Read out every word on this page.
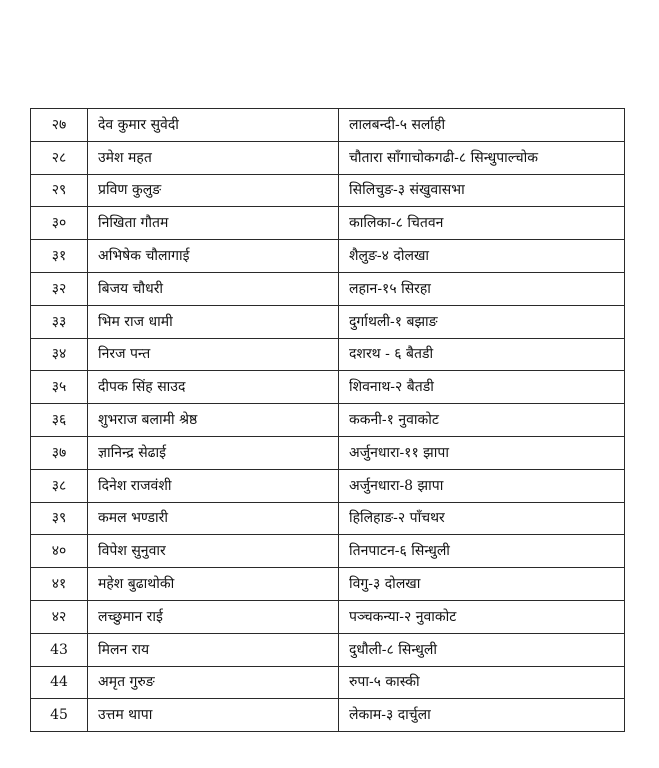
२७	देव कुमार सुवेदी	लालबन्दी-५ सर्लाही
२८	उमेश महत	चौतारा साँगाचोकगढी-८ सिन्धुपाल्चोक
२९	प्रविण कुलुङ	सिलिचुङ-३ संखुवासभा
३०	निखिता गौतम	कालिका-८ चितवन
३१	अभिषेक चौलागाई	शैलुङ-४ दोलखा
३२	बिजय चौधरी	लहान-१५ सिरहा
३३	भिम राज धामी	दुर्गाथली-१ बझाङ
३४	निरज पन्त	दशरथ - ६ बैतडी
३५	दीपक सिंह साउद	शिवनाथ-२ बैतडी
३६	शुभराज बलामी श्रेष्ठ	ककनी-१ नुवाकोट
३७	ज्ञानिन्द्र सेढाई	अर्जुनधारा-११ झापा
३८	दिनेश राजवंशी	अर्जुनधारा-8 झापा
३९	कमल भण्डारी	हिलिहाङ-२ पाँचथर
४०	विपेश सुनुवार	तिनपाटन-६ सिन्धुली
४१	महेश बुढाथोकी	विगु-३ दोलखा
४२	लच्छुमान राई	पञ्चकन्या-२ नुवाकोट
43	मिलन राय	दुधौली-८ सिन्धुली
44	अमृत गुरुङ	रुपा-५ कास्की
45	उत्तम थापा	लेकाम-३ दार्चुला
